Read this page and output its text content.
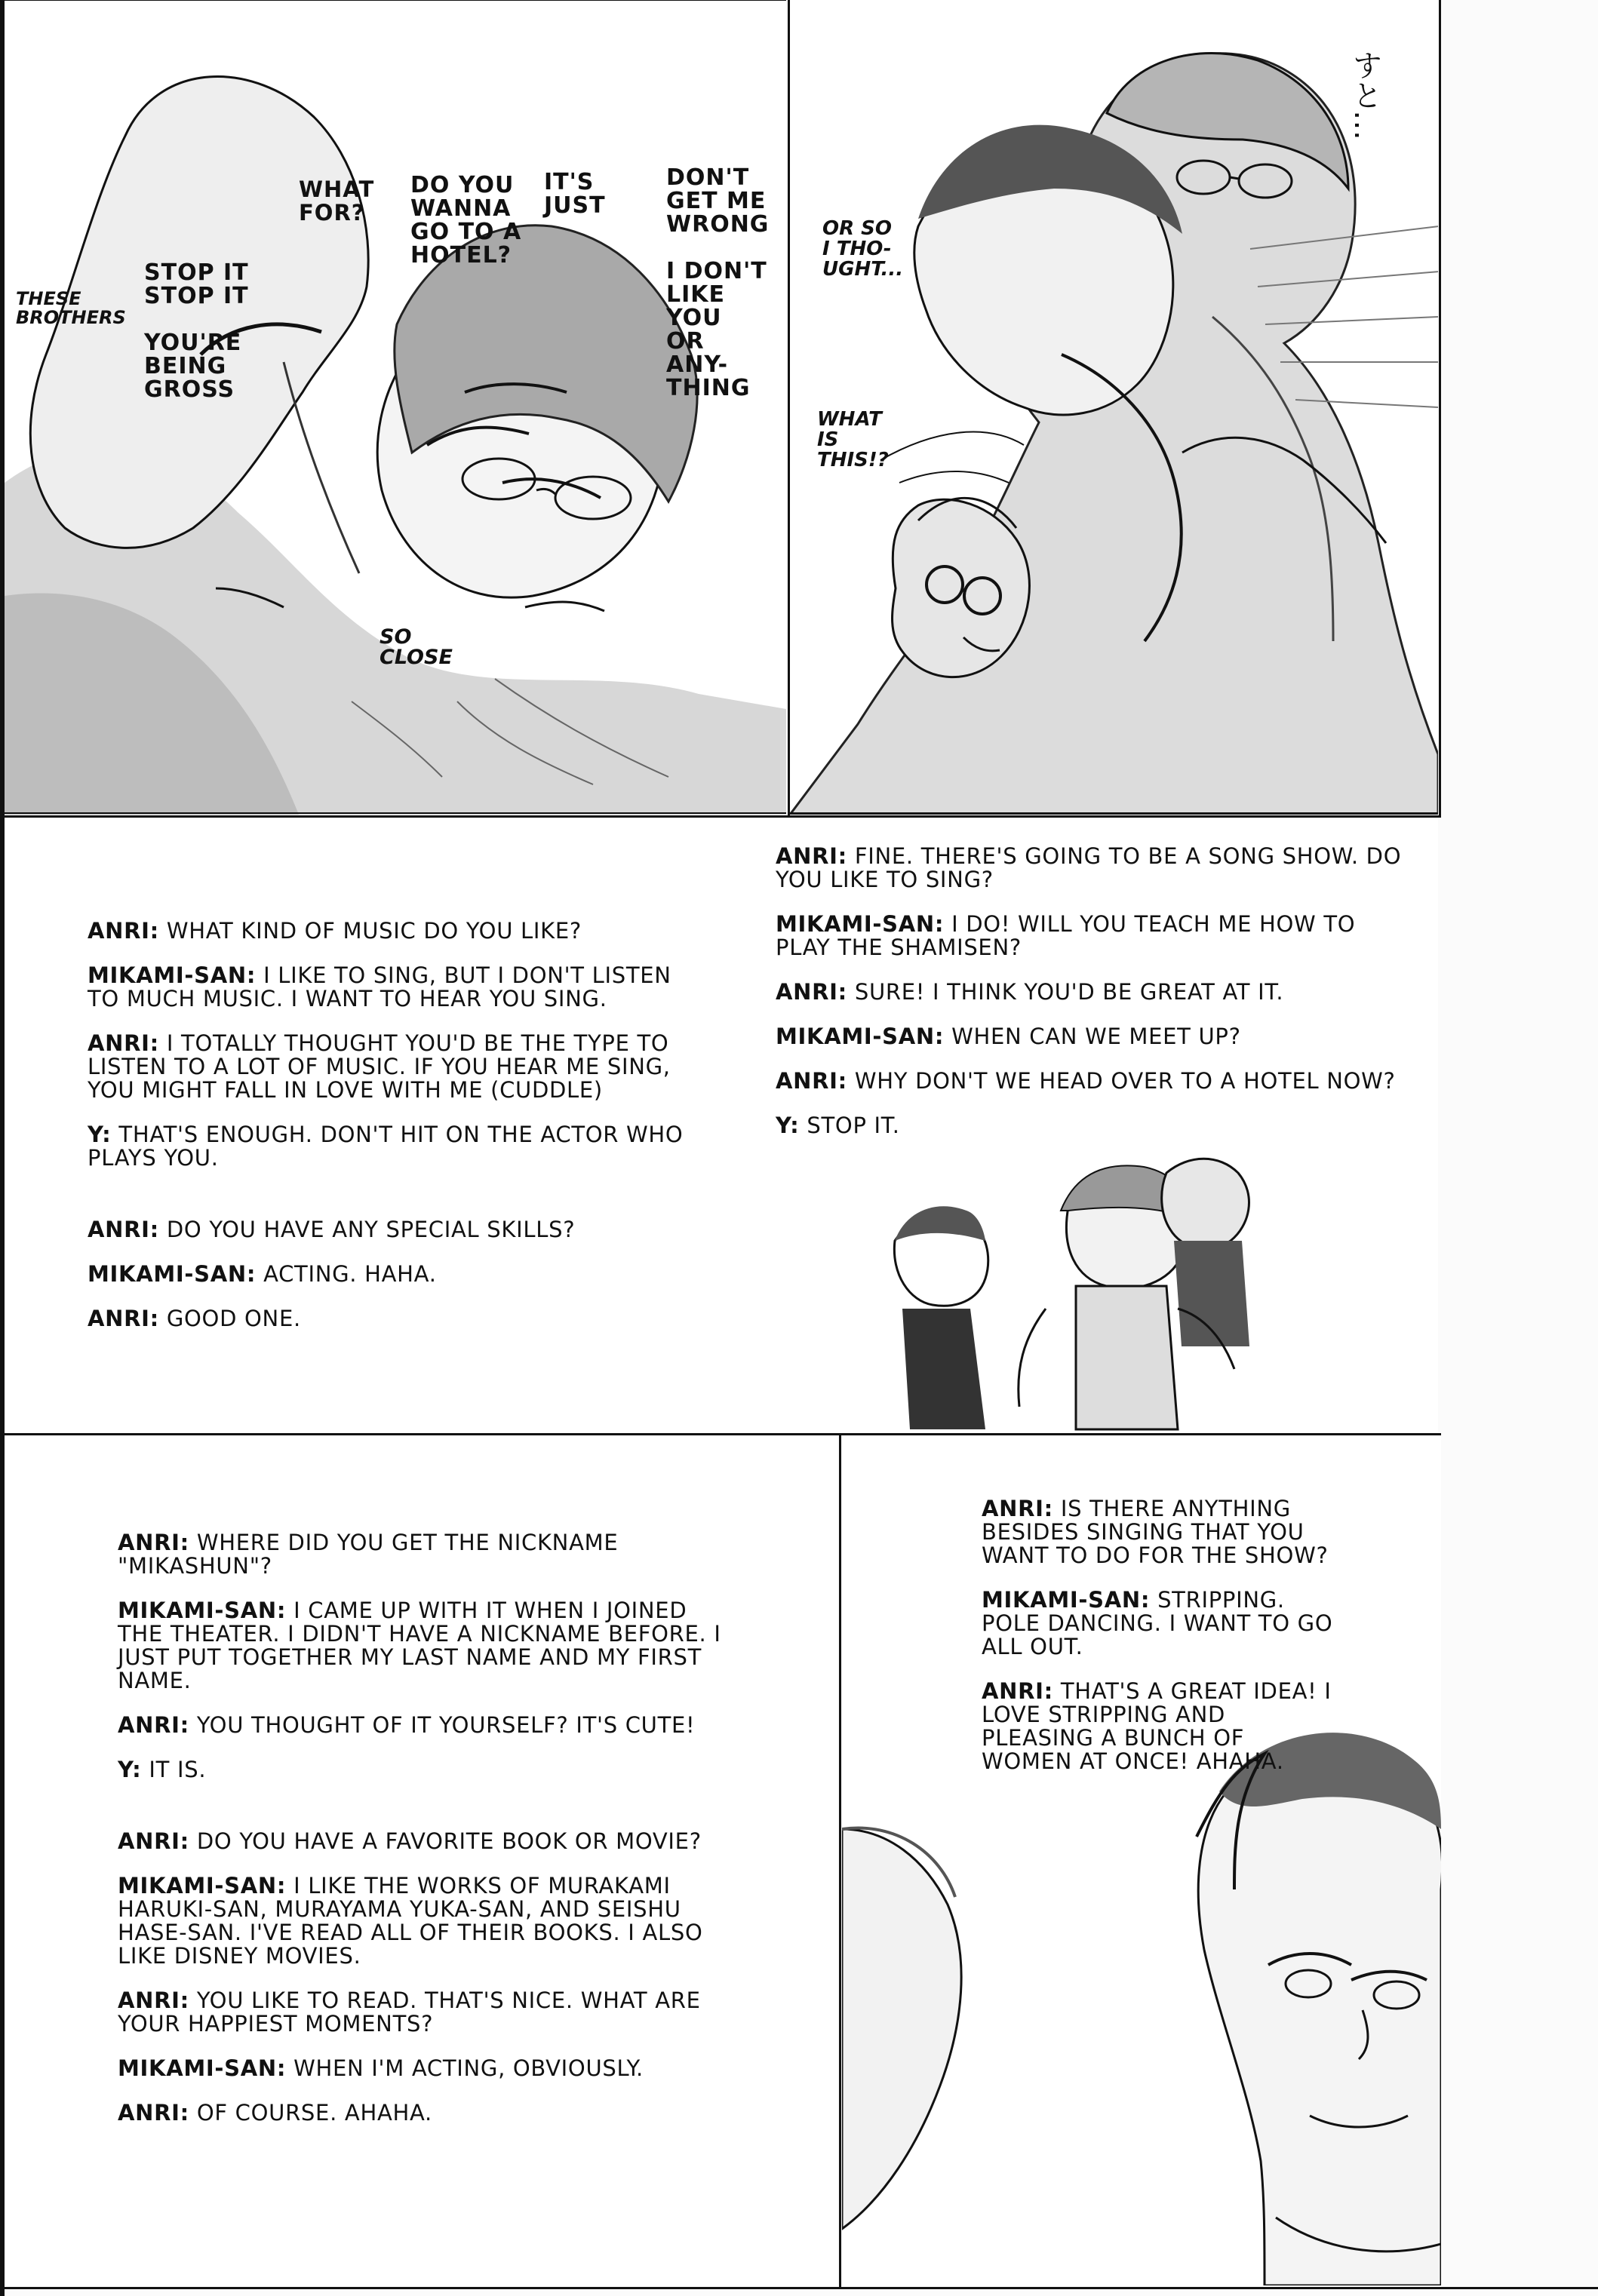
WHAT
FOR?
DO YOU
WANNA
GO TO A
HOTEL?
IT'S
JUST
DON'T
GET ME
WRONG

I DON'T
LIKE
YOU
OR
ANY-
THING
STOP IT
STOP IT

YOU'RE
BEING
GROSS
THESE
BROTHERS
SO
CLOSE
すと…
OR SO
I THO-
UGHT...
WHAT
IS
THIS!?

ANRI: WHAT KIND OF MUSIC DO YOU LIKE?

MIKAMI-SAN: I LIKE TO SING, BUT I DON'T LISTEN TO MUCH MUSIC. I WANT TO HEAR YOU SING.

ANRI: I TOTALLY THOUGHT YOU'D BE THE TYPE TO LISTEN TO A LOT OF MUSIC. IF YOU HEAR ME SING, YOU MIGHT FALL IN LOVE WITH ME (CUDDLE)

Y: THAT'S ENOUGH. DON'T HIT ON THE ACTOR WHO PLAYS YOU.

ANRI: DO YOU HAVE ANY SPECIAL SKILLS?

MIKAMI-SAN: ACTING. HAHA.

ANRI: GOOD ONE.

ANRI: FINE. THERE'S GOING TO BE A SONG SHOW. DO YOU LIKE TO SING?

MIKAMI-SAN: I DO! WILL YOU TEACH ME HOW TO PLAY THE SHAMISEN?

ANRI: SURE! I THINK YOU'D BE GREAT AT IT.

MIKAMI-SAN: WHEN CAN WE MEET UP?

ANRI: WHY DON'T WE HEAD OVER TO A HOTEL NOW?

Y: STOP IT.

ANRI: WHERE DID YOU GET THE NICKNAME "MIKASHUN"?

MIKAMI-SAN: I CAME UP WITH IT WHEN I JOINED THE THEATER. I DIDN'T HAVE A NICKNAME BEFORE. I JUST PUT TOGETHER MY LAST NAME AND MY FIRST NAME.

ANRI: YOU THOUGHT OF IT YOURSELF? IT'S CUTE!

Y: IT IS.

ANRI: DO YOU HAVE A FAVORITE BOOK OR MOVIE?

MIKAMI-SAN: I LIKE THE WORKS OF MURAKAMI HARUKI-SAN, MURAYAMA YUKA-SAN, AND SEISHU HASE-SAN. I'VE READ ALL OF THEIR BOOKS. I ALSO LIKE DISNEY MOVIES.

ANRI: YOU LIKE TO READ. THAT'S NICE. WHAT ARE YOUR HAPPIEST MOMENTS?

MIKAMI-SAN: WHEN I'M ACTING, OBVIOUSLY.

ANRI: OF COURSE. AHAHA.

ANRI: IS THERE ANYTHING BESIDES SINGING THAT YOU WANT TO DO FOR THE SHOW?

MIKAMI-SAN: STRIPPING. POLE DANCING. I WANT TO GO ALL OUT.

ANRI: THAT'S A GREAT IDEA! I LOVE STRIPPING AND PLEASING A BUNCH OF WOMEN AT ONCE! AHAHA.
